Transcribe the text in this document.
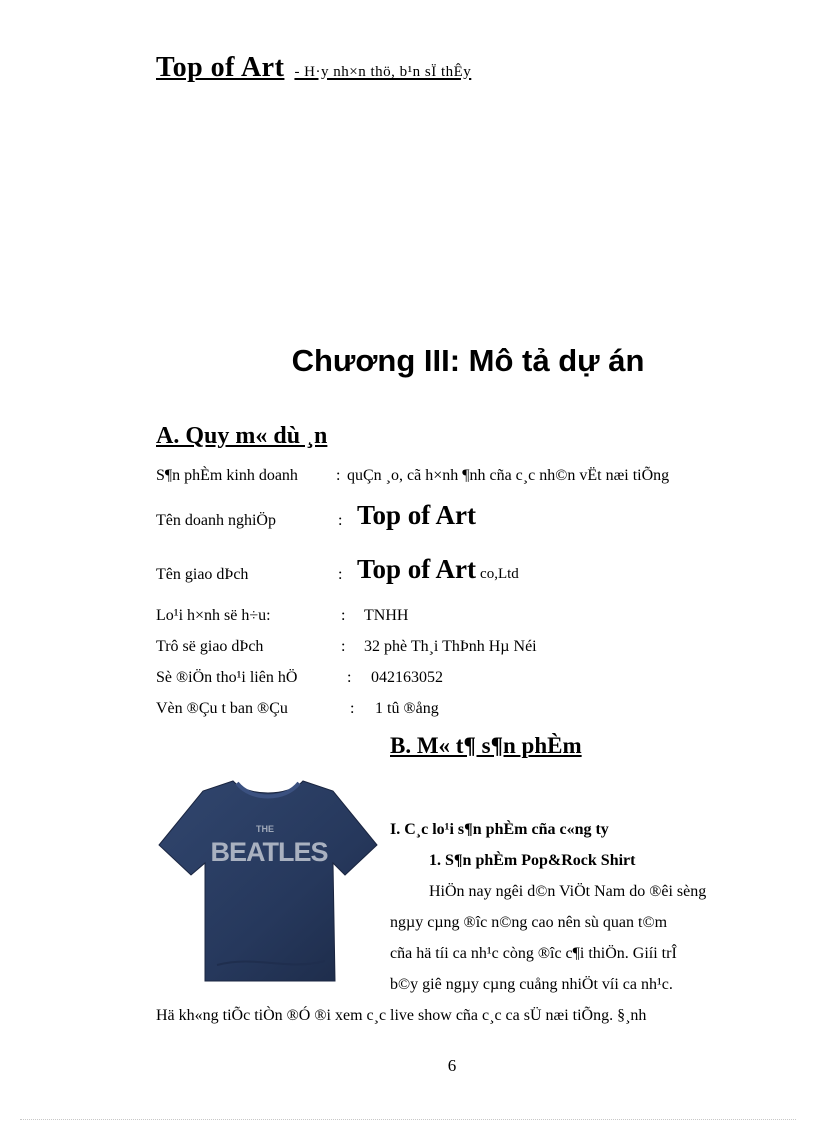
Top of Art - H·y nh×n thö, b¹n sÏ thÊy
Chương III: Mô tả dự án
A. Quy m« dù ¸n
S¶n phÈm kinh doanh : quÇn ¸o, cã h×nh ¶nh cña c¸c nh©n vËt næi tiÕng
Tên doanh nghiÖp	: Top of Art
Tên giao dÞch	: Top of Art co,Ltd
Lo¹i h×nh së h÷u:	: TNHH
Trô së giao dÞch	: 32 phè Th¸i ThÞnh Hµ Néi
Sè ®iÖn tho¹i liên hÖ	: 042163052
Vèn ®Çu t ban ®Çu	: 1 tû ®ång
B. M« t¶ s¶n phÈm
THE
BEATLES
I. C¸c lo¹i s¶n phÈm cña c«ng ty
1. S¶n phÈm Pop&Rock Shirt
HiÖn nay ngêi d©n ViÖt Nam do ®êi sèng
ngµy cµng ®îc n©ng cao nên sù quan t©m
cña hä tíi ca nh¹c còng ®îc c¶i thiÖn. Giíi trÎ
b©y giê ngµy cµng cuång nhiÖt víi ca nh¹c.
Hä kh«ng tiÕc tiÒn ®Ó ®i xem c¸c live show cña c¸c ca sÜ næi tiÕng. §¸nh
6
